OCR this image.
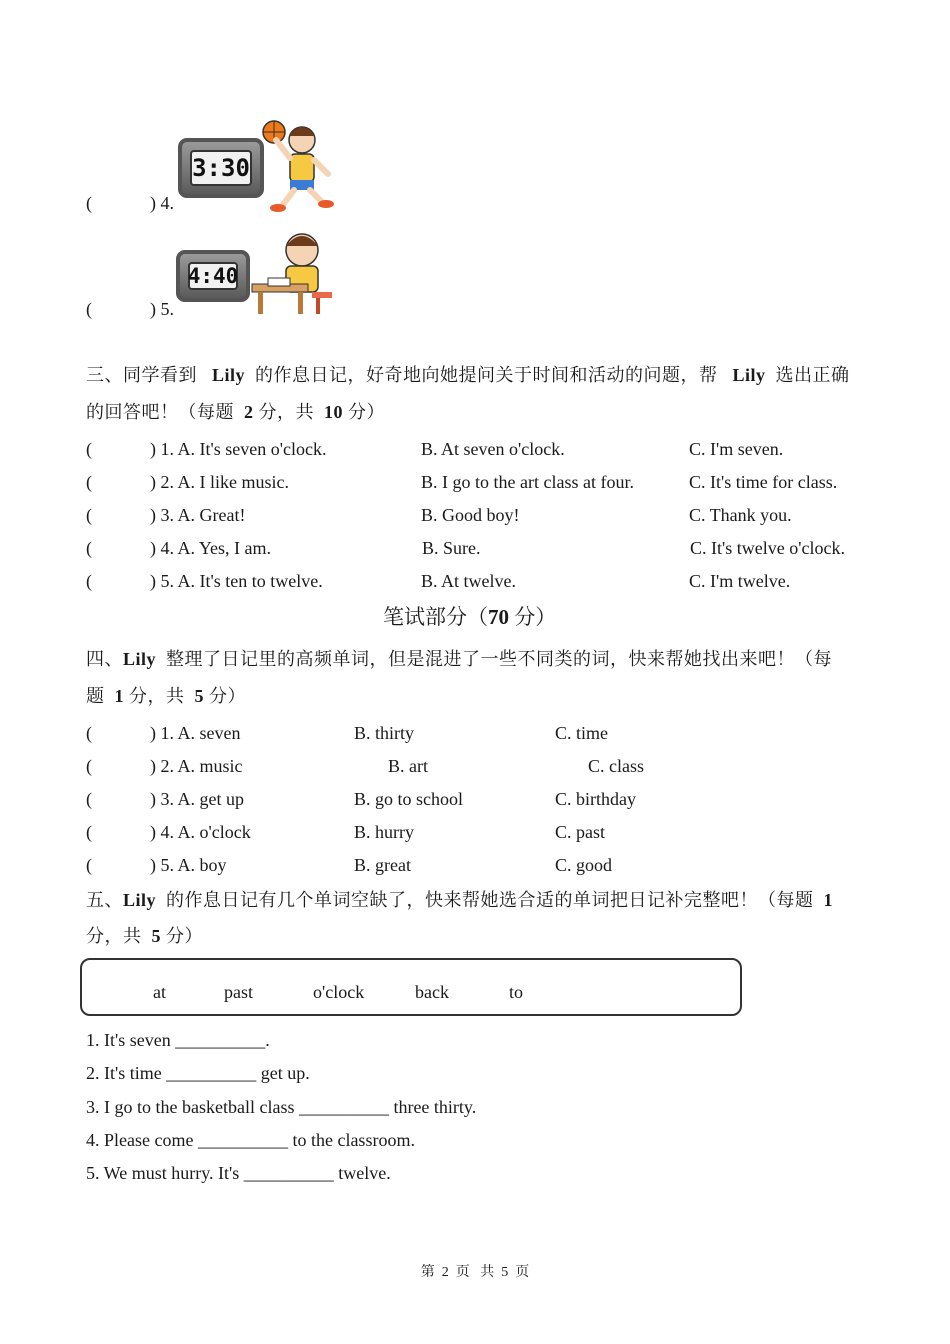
(	) 4.
3:30
(	) 5.
4:40
三、同学看到 Lily 的作息日记，好奇地向她提问关于时间和活动的问题，帮 Lily 选出正确
的回答吧！（每题 2 分，共 10 分）
(	) 1. A. It's seven o'clock.	B. At seven o'clock.	C. I'm seven.
(	) 2. A. I like music.	B. I go to the art class at four.	C. It's time for class.
(	) 3. A. Great!	B. Good boy!	C. Thank you.
(	) 4. A. Yes, I am.	B. Sure.	C. It's twelve o'clock.
(	) 5. A. It's ten to twelve.	B. At twelve.	C. I'm twelve.
笔试部分（70 分）
四、Lily 整理了日记里的高频单词，但是混进了一些不同类的词，快来帮她找出来吧！（每
题 1 分，共 5 分）
(	) 1. A. seven	B. thirty	C. time
(	) 2. A. music	B. art	C. class
(	) 3. A. get up	B. go to school	C. birthday
(	) 4. A. o'clock	B. hurry	C. past
(	) 5. A. boy	B. great	C. good
五、Lily 的作息日记有几个单词空缺了，快来帮她选合适的单词把日记补完整吧！（每题 1
分，共 5 分）
at	past	o'clock	back	to
1. It's seven __________.
2. It's time __________ get up.
3. I go to the basketball class __________ three thirty.
4. Please come __________ to the classroom.
5. We must hurry. It's __________ twelve.
第  2  页   共  5  页
